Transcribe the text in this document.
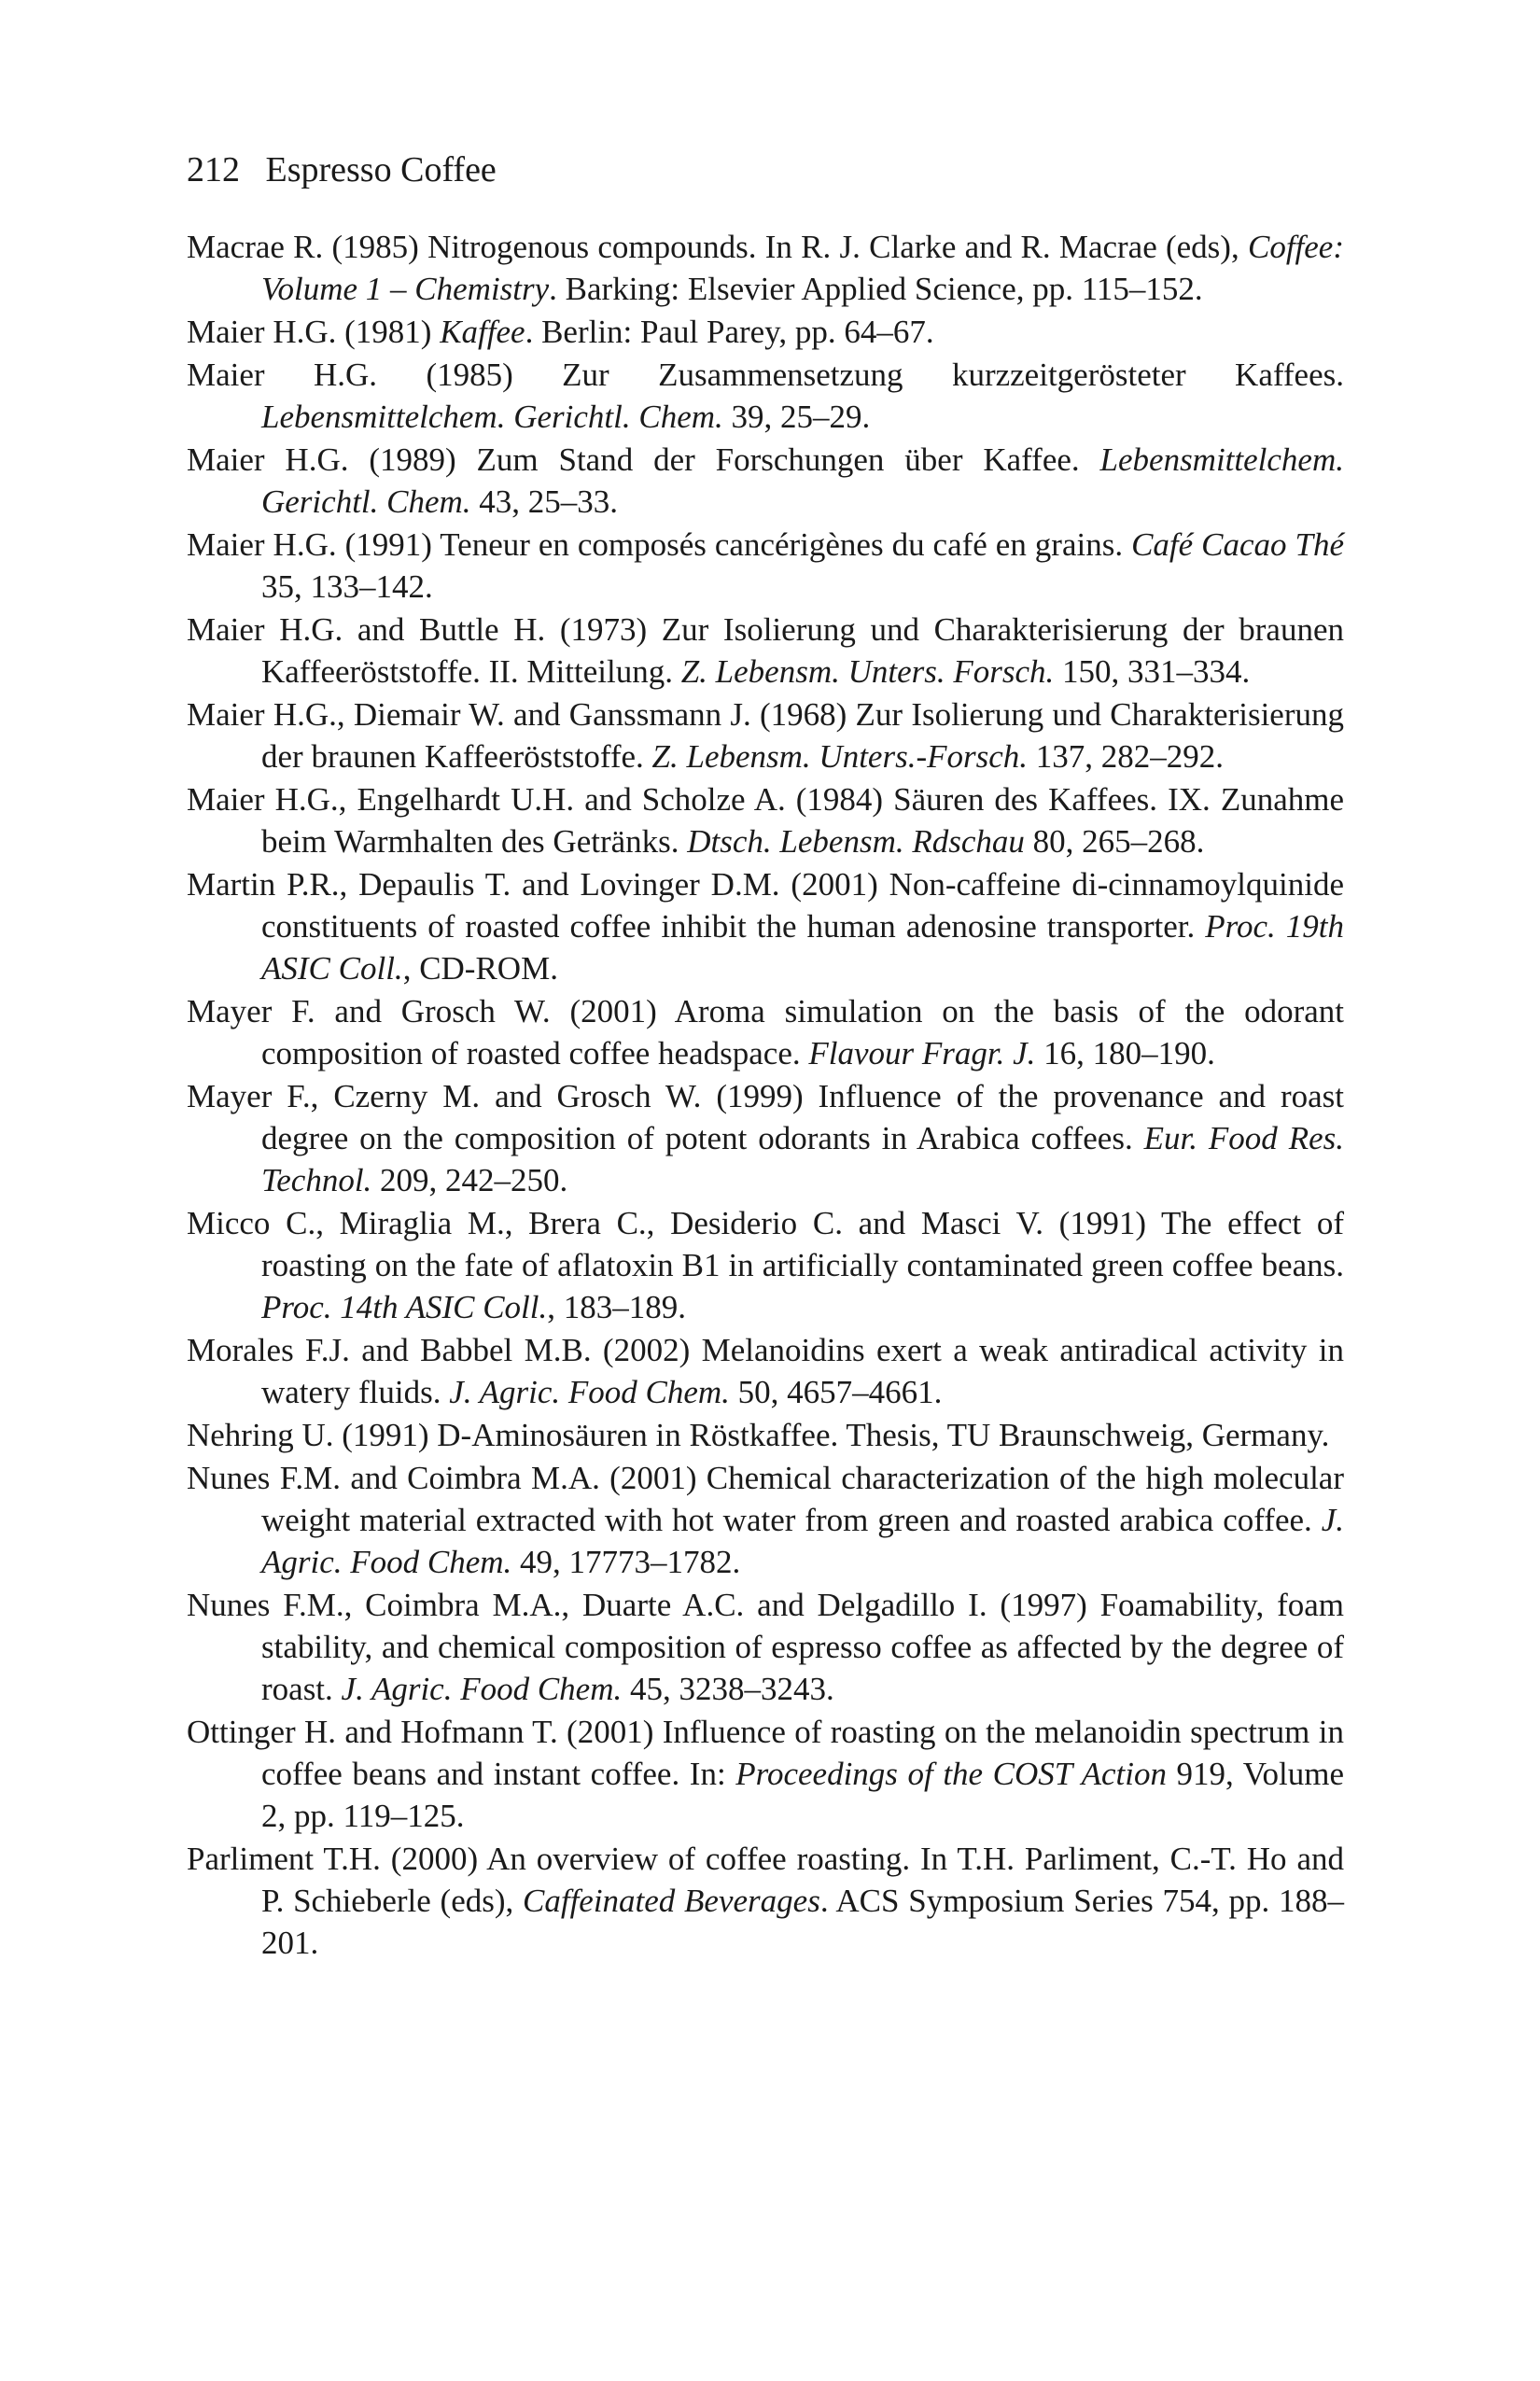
212 Espresso Coffee
Macrae R. (1985) Nitrogenous compounds. In R. J. Clarke and R. Macrae (eds), Coffee: Volume 1 – Chemistry. Barking: Elsevier Applied Science, pp. 115–152.
Maier H.G. (1981) Kaffee. Berlin: Paul Parey, pp. 64–67.
Maier H.G. (1985) Zur Zusammensetzung kurzzeitgerösteter Kaffees. Lebensmittelchem. Gerichtl. Chem. 39, 25–29.
Maier H.G. (1989) Zum Stand der Forschungen über Kaffee. Lebensmittelchem. Gerichtl. Chem. 43, 25–33.
Maier H.G. (1991) Teneur en composés cancérigènes du café en grains. Café Cacao Thé 35, 133–142.
Maier H.G. and Buttle H. (1973) Zur Isolierung und Charakterisierung der braunen Kaffeeröststoffe. II. Mitteilung. Z. Lebensm. Unters. Forsch. 150, 331–334.
Maier H.G., Diemair W. and Ganssmann J. (1968) Zur Isolierung und Charakterisierung der braunen Kaffeeröststoffe. Z. Lebensm. Unters.-Forsch. 137, 282–292.
Maier H.G., Engelhardt U.H. and Scholze A. (1984) Säuren des Kaffees. IX. Zunahme beim Warmhalten des Getränks. Dtsch. Lebensm. Rdschau 80, 265–268.
Martin P.R., Depaulis T. and Lovinger D.M. (2001) Non-caffeine di-cinnamoylquinide constituents of roasted coffee inhibit the human adenosine transporter. Proc. 19th ASIC Coll., CD-ROM.
Mayer F. and Grosch W. (2001) Aroma simulation on the basis of the odorant composition of roasted coffee headspace. Flavour Fragr. J. 16, 180–190.
Mayer F., Czerny M. and Grosch W. (1999) Influence of the provenance and roast degree on the composition of potent odorants in Arabica coffees. Eur. Food Res. Technol. 209, 242–250.
Micco C., Miraglia M., Brera C., Desiderio C. and Masci V. (1991) The effect of roasting on the fate of aflatoxin B1 in artificially contaminated green coffee beans. Proc. 14th ASIC Coll., 183–189.
Morales F.J. and Babbel M.B. (2002) Melanoidins exert a weak antiradical activity in watery fluids. J. Agric. Food Chem. 50, 4657–4661.
Nehring U. (1991) D-Aminosäuren in Röstkaffee. Thesis, TU Braunschweig, Germany.
Nunes F.M. and Coimbra M.A. (2001) Chemical characterization of the high molecular weight material extracted with hot water from green and roasted arabica coffee. J. Agric. Food Chem. 49, 17773–1782.
Nunes F.M., Coimbra M.A., Duarte A.C. and Delgadillo I. (1997) Foamability, foam stability, and chemical composition of espresso coffee as affected by the degree of roast. J. Agric. Food Chem. 45, 3238–3243.
Ottinger H. and Hofmann T. (2001) Influence of roasting on the melanoidin spectrum in coffee beans and instant coffee. In: Proceedings of the COST Action 919, Volume 2, pp. 119–125.
Parliment T.H. (2000) An overview of coffee roasting. In T.H. Parliment, C.-T. Ho and P. Schieberle (eds), Caffeinated Beverages. ACS Symposium Series 754, pp. 188–201.
